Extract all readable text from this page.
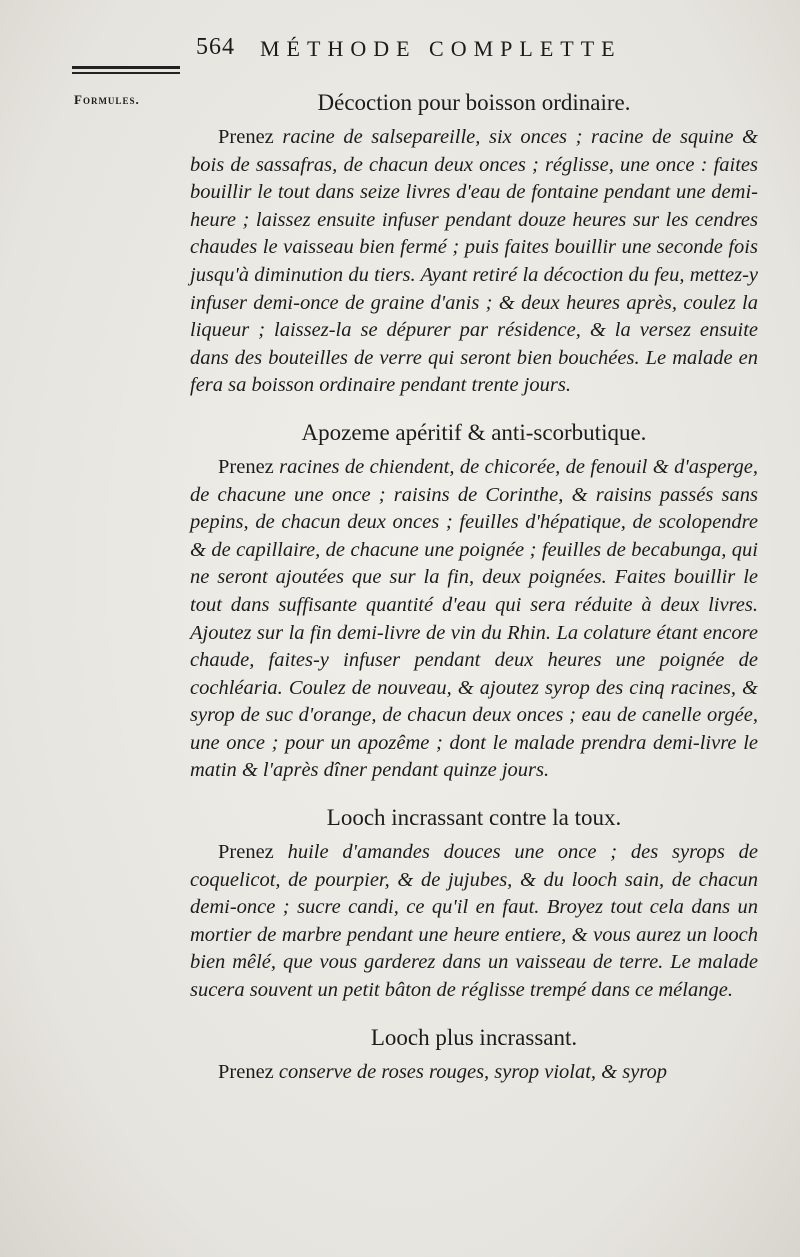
564 MÉTHODE COMPLETTE
Formules.	Décoction pour boisson ordinaire.

Prenez racine de salsepareille, six onces ; racine de squine & bois de sassafras, de chacun deux onces ; réglisse, une once : faites bouillir le tout dans seize livres d'eau de fontaine pendant une demi-heure ; laissez ensuite infuser pendant douze heures sur les cendres chaudes le vaisseau bien fermé ; puis faites bouillir une seconde fois jusqu'à diminution du tiers. Ayant retiré la décoction du feu, mettez-y infuser demi-once de graine d'anis ; & deux heures après, coulez la liqueur ; laissez-la se dépurer par résidence, & la versez ensuite dans des bouteilles de verre qui seront bien bouchées. Le malade en fera sa boisson ordinaire pendant trente jours.

Apozeme apéritif & anti-scorbutique.

Prenez racines de chiendent, de chicorée, de fenouil & d'asperge, de chacune une once ; raisins de Corinthe, & raisins passés sans pepins, de chacun deux onces ; feuilles d'hépatique, de scolopendre & de capillaire, de chacune une poignée ; feuilles de becabunga, qui ne seront ajoutées que sur la fin, deux poignées. Faites bouillir le tout dans suffisante quantité d'eau qui sera réduite à deux livres. Ajoutez sur la fin demi-livre de vin du Rhin. La colature étant encore chaude, faites-y infuser pendant deux heures une poignée de cochléaria. Coulez de nouveau, & ajoutez syrop des cinq racines, & syrop de suc d'orange, de chacun deux onces ; eau de canelle orgée, une once ; pour un apozême ; dont le malade prendra demi-livre le matin & l'après dîner pendant quinze jours.

Looch incrassant contre la toux.

Prenez huile d'amandes douces une once ; des syrops de coquelicot, de pourpier, & de jujubes, & du looch sain, de chacun demi-once ; sucre candi, ce qu'il en faut. Broyez tout cela dans un mortier de marbre pendant une heure entiere, & vous aurez un looch bien mêlé, que vous garderez dans un vaisseau de terre. Le malade sucera souvent un petit bâton de réglisse trempé dans ce mélange.

Looch plus incrassant.

Prenez conserve de roses rouges, syrop violat, & syrop
